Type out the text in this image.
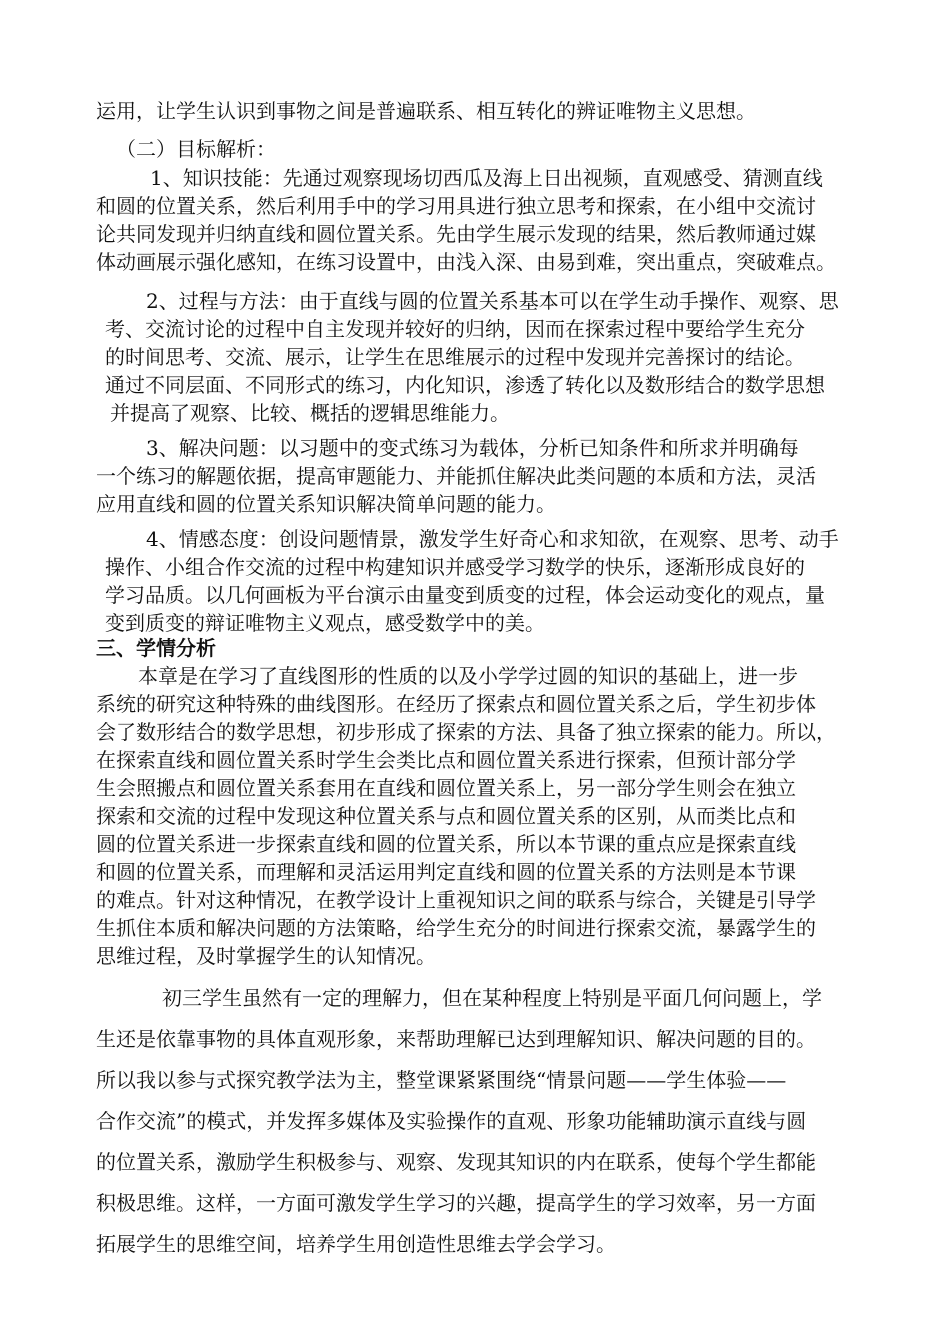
运用，让学生认识到事物之间是普遍联系、相互转化的辨证唯物主义思想。
（二）目标解析：
1、知识技能：先通过观察现场切西瓜及海上日出视频，直观感受、猜测直线
和圆的位置关系，然后利用手中的学习用具进行独立思考和探索，在小组中交流讨
论共同发现并归纳直线和圆位置关系。先由学生展示发现的结果，然后教师通过媒
体动画展示强化感知，在练习设置中，由浅入深、由易到难，突出重点，突破难点。
2、过程与方法：由于直线与圆的位置关系基本可以在学生动手操作、观察、思
考、交流讨论的过程中自主发现并较好的归纳，因而在探索过程中要给学生充分
的时间思考、交流、展示，让学生在思维展示的过程中发现并完善探讨的结论。
通过不同层面、不同形式的练习，内化知识，渗透了转化以及数形结合的数学思想
并提高了观察、比较、概括的逻辑思维能力。
3、解决问题：以习题中的变式练习为载体，分析已知条件和所求并明确每
一个练习的解题依据，提高审题能力、并能抓住解决此类问题的本质和方法，灵活
应用直线和圆的位置关系知识解决简单问题的能力。
4、情感态度：创设问题情景，激发学生好奇心和求知欲，在观察、思考、动手
操作、小组合作交流的过程中构建知识并感受学习数学的快乐，逐渐形成良好的
学习品质。以几何画板为平台演示由量变到质变的过程，体会运动变化的观点，量
变到质变的辩证唯物主义观点，感受数学中的美。
三、学情分析
本章是在学习了直线图形的性质的以及小学学过圆的知识的基础上，进一步
系统的研究这种特殊的曲线图形。在经历了探索点和圆位置关系之后，学生初步体
会了数形结合的数学思想，初步形成了探索的方法、具备了独立探索的能力。所以，
在探索直线和圆位置关系时学生会类比点和圆位置关系进行探索，但预计部分学
生会照搬点和圆位置关系套用在直线和圆位置关系上，另一部分学生则会在独立
探索和交流的过程中发现这种位置关系与点和圆位置关系的区别，从而类比点和
圆的位置关系进一步探索直线和圆的位置关系，所以本节课的重点应是探索直线
和圆的位置关系，而理解和灵活运用判定直线和圆的位置关系的方法则是本节课
的难点。针对这种情况，在教学设计上重视知识之间的联系与综合，关键是引导学
生抓住本质和解决问题的方法策略，给学生充分的时间进行探索交流，暴露学生的
思维过程，及时掌握学生的认知情况。
初三学生虽然有一定的理解力，但在某种程度上特别是平面几何问题上，学
生还是依靠事物的具体直观形象，来帮助理解已达到理解知识、解决问题的目的。
所以我以参与式探究教学法为主，整堂课紧紧围绕“情景问题——学生体验——
合作交流”的模式，并发挥多媒体及实验操作的直观、形象功能辅助演示直线与圆
的位置关系，激励学生积极参与、观察、发现其知识的内在联系，使每个学生都能
积极思维。这样，一方面可激发学生学习的兴趣，提高学生的学习效率，另一方面
拓展学生的思维空间，培养学生用创造性思维去学会学习。
